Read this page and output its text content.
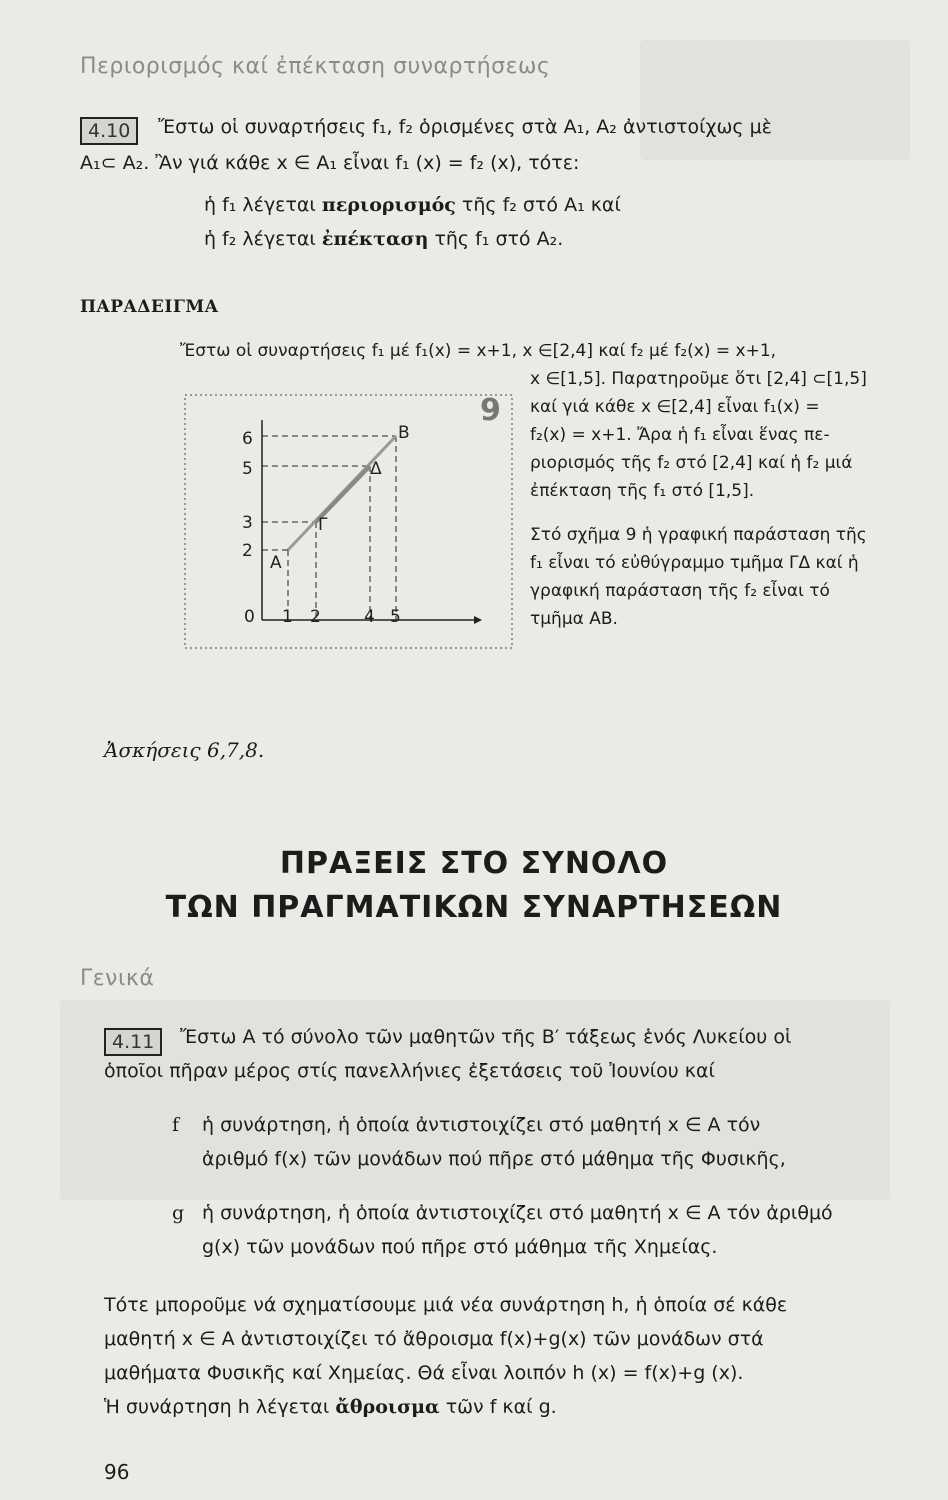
Περιορισμός καί ἐπέκταση συναρτήσεως
4.10	Ἔστω οἱ συναρτήσεις f₁, f₂ ὁρισμένες στὰ A₁, A₂ ἀντιστοίχως μὲ
A₁⊂ A₂. Ἂν γιά κάθε x ∈ A₁ εἶναι f₁ (x) = f₂ (x), τότε:
ἡ f₁ λέγεται περιορισμός τῆς f₂ στό A₁ καί
ἡ f₂ λέγεται ἐπέκταση τῆς f₁ στό A₂.
ΠΑΡΑΔΕΙΓΜΑ
Ἔστω οἱ συναρτήσεις f₁ μέ f₁(x) = x+1, x ∈[2,4] καί f₂ μέ f₂(x) = x+1,
x ∈[1,5]. Παρατηροῦμε ὅτι [2,4] ⊂[1,5]
καί γιά κάθε x ∈[2,4] εἶναι f₁(x) =
f₂(x) = x+1. Ἄρα ἡ f₁ εἶναι ἕνας πε-
ριορισμός τῆς f₂ στό [2,4] καί ἡ f₂ μιά
ἐπέκταση τῆς f₁ στό [1,5].
Στό σχῆμα 9 ἡ γραφική παράσταση τῆς
f₁ εἶναι τό εὐθύγραμμο τμῆμα ΓΔ καί ἡ
γραφική παράσταση τῆς f₂ εἶναι τό
τμῆμα AB.
9
A
B
Γ
Δ
6
5
3
2
0 1 2	4 5
Ἀσκήσεις 6,7,8.
ΠΡΑΞΕΙΣ ΣΤΟ ΣΥΝΟΛΟ
ΤΩΝ ΠΡΑΓΜΑΤΙΚΩΝ ΣΥΝΑΡΤΗΣΕΩΝ
Γενικά
4.11	Ἔστω A τό σύνολο τῶν μαθητῶν τῆς B′ τάξεως ἑνός Λυκείου οἱ
ὁποῖοι πῆραν μέρος στίς πανελλήνιες ἐξετάσεις τοῦ Ἰουνίου καί
f ἡ συνάρτηση, ἡ ὁποία ἀντιστοιχίζει στό μαθητή x ∈ A τόν
ἀριθμό f(x) τῶν μονάδων πού πῆρε στό μάθημα τῆς Φυσικῆς,
g ἡ συνάρτηση, ἡ ὁποία ἀντιστοιχίζει στό μαθητή x ∈ A τόν ἀριθμό
g(x) τῶν μονάδων πού πῆρε στό μάθημα τῆς Χημείας.
Τότε μποροῦμε νά σχηματίσουμε μιά νέα συνάρτηση h, ἡ ὁποία σέ κάθε
μαθητή x ∈ A ἀντιστοιχίζει τό ἄθροισμα f(x)+g(x) τῶν μονάδων στά
μαθήματα Φυσικῆς καί Χημείας. Θά εἶναι λοιπόν h (x) = f(x)+g (x).
Ἡ συνάρτηση h λέγεται ἄθροισμα τῶν f καί g.
96
